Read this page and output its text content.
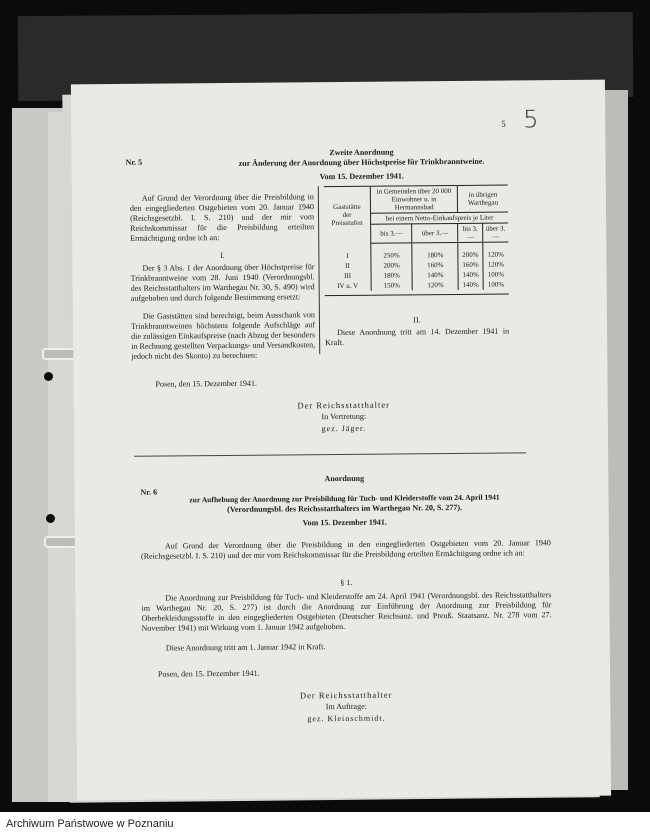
5 5
Nr. 5
Zweite Anordnung
zur Änderung der Anordnung über Höchstpreise für Trinkbranntweine.
Vom 15. Dezember 1941.
Auf Grund der Verordnung über die Preisbildung in den eingegliederten Ostgebieten vom 20. Januar 1940 (Reichsgesetzbl. I. S. 210) und der mir vom Reichskommissar für die Preisbildung erteilten Ermächtigung ordne ich an:
I.
Der § 3 Abs. 1 der Anordnung über Höchstpreise für Trinkbranntweine vom 28. Juni 1940 (Verordnungsbl. des Reichsstatthalters im Warthegau Nr. 30, S. 490) wird aufgehoben und durch folgende Bestimmung ersetzt:
Die Gaststätten sind berechtigt, beim Ausschank von Trinkbranntweinen höchstens folgende Aufschläge auf die zulässigen Einkaufspreise (nach Abzug der besonders in Rechnung gestellten Verpackungs- und Versandkosten, jedoch nicht des Skonto) zu berechnen:
Gaststätte
der
Preisstufen	in Gemeinden über 20 000 Einwohner u. in Hermannsbad		in übrigen Warthegau	
	bei einem Netto-Einkaufspreis je Liter			
	bis 3.—	über 3.—	bis 3.—	über 3.—

I	250%	180%	200%	120%
II	200%	160%	160%	120%
III	180%	140%	140%	100%
IV u. V	150%	120%	140%	100%

II.
Diese Anordnung tritt am 14. Dezember 1941 in Kraft.
Posen, den 15. Dezember 1941.
Der Reichsstatthalter
In Vertretung:
gez. Jäger.
Anordnung
Nr. 6
zur Aufhebung der Anordnung zur Preisbildung für Tuch- und Kleiderstoffe vom 24. April 1941
(Verordnungsbl. des Reichsstatthalters im Warthegau Nr. 20, S. 277).
Vom 15. Dezember 1941.
Auf Grund der Verordnung über die Preisbildung in den eingegliederten Ostgebieten vom 20. Januar 1940 (Reichsgesetzbl. I. S. 210) und der mir vom Reichskommissar für die Preisbildung erteilten Ermächtigung ordne ich an:
§ 1.
Die Anordnung zur Preisbildung für Tuch- und Kleiderstoffe am 24. April 1941 (Verordnungsbl. des Reichsstatthalters im Warthegau Nr. 20, S. 277) ist durch die Anordnung zur Einführung der Anordnung zur Preisbildung für Oberbekleidungsstoffe in den eingegliederten Ostgebieten (Deutscher Reichsanz. und Preuß. Staatsanz. Nr. 278 vom 27. November 1941) mit Wirkung vom 1. Januar 1942 aufgehoben.
Diese Anordnung tritt am 1. Januar 1942 in Kraft.
Posen, den 15. Dezember 1941.
Der Reichsstatthalter
Im Auftrage:
gez. Kleinschmidt.
Archiwum Państwowe w Poznaniu
